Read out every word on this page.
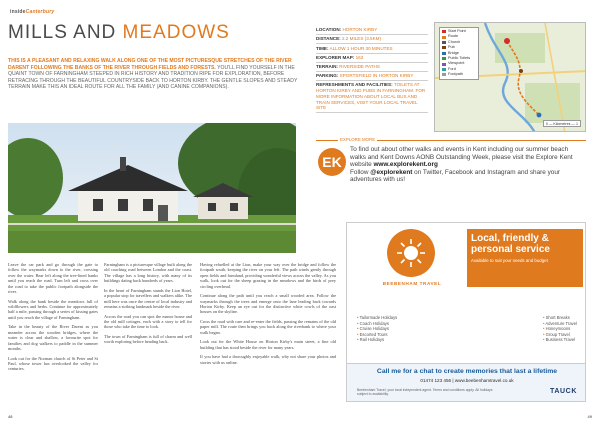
insideCanterbury
MILLS AND MEADOWS
THIS IS A PLEASANT AND RELAXING WALK ALONG ONE OF THE MOST PICTURESQUE STRETCHES OF THE RIVER DARENT FOLLOWING THE BANKS OF THE RIVER THROUGH FIELDS AND FORESTS. YOU'LL FIND YOURSELF IN THE QUAINT TOWN OF FARNINGHAM STEEPED IN RICH HISTORY AND TRADITION RIPE FOR EXPLORATION, BEFORE RETRACING THROUGH THE BEAUTIFUL COUNTRYSIDE BACK TO HORTON KIRBY. THE GENTLE SLOPES AND STEADY TERRAIN MAKE THIS AN IDEAL ROUTE FOR ALL THE FAMILY (AND CANINE COMPANIONS).
LOCATION: HORTON KIRBY
DISTANCE: 2.2 MILES (3.5KM)
TIME: ALLOW 1 HOUR 30 MINUTES
EXPLORER MAP: 162
TERRAIN: RIVERSIDE PATHS
PARKING: SPORTSFIELD IN HORTON KIRBY
REFRESHMENTS AND FACILITIES: TOILETS AT HORTON KIRBY AND PUBS IN FARNINGHAM. FOR MORE INFORMATION ABOUT LOCAL BUS AND TRAIN SERVICES, VISIT YOUR LOCAL TRAVEL SITE
Start Point
Route
Church
Pub
Bridge
Public Toilets
Viewpoint
Ford
Footpath
0 — Kilometres — 1
EXPLORE MORE
EK
To find out about other walks and events in Kent including our summer beach walks and Kent Downs AONB Outstanding Week, please visit the Explore Kent website www.explorekent.org
Follow @explorekent on Twitter, Facebook and Instagram and share your adventures with us!

Leave the car park and go through the gate to follow the waymarks down to the river, crossing over the water. Bear left along the tree-lined banks until you reach the road. Turn left and cross over the road to take the public footpath alongside the river.

Walk along the bank beside the meadows full of wildflowers and herbs. Continue for approximately half a mile, passing through a series of kissing gates until you reach the village of Farningham.

Take in the beauty of the River Darent as you meander across the wooden bridges, where the water is clear and shallow, a favourite spot for families and dog walkers to paddle in the summer months.

Look out for the Norman church of St Peter and St Paul, whose tower has overlooked the valley for centuries.

Farningham is a picturesque village built along the old coaching road between London and the coast. The village has a long history, with many of its buildings dating back hundreds of years.

In the heart of Farningham stands the Lion Hotel, a popular stop for travellers and walkers alike. The mill here was once the centre of local industry and remains a striking landmark beside the river.

Across the road you can spot the manor house and the old mill cottages, each with a story to tell for those who take the time to look.

The town of Farningham is full of charm and well worth exploring before heading back.

Having refuelled at the Lion, make your way over the bridge and follow the footpath south, keeping the river on your left. The path winds gently through open fields and farmland, providing wonderful views across the valley. As you walk, look out for the sheep grazing in the meadows and the birds of prey circling overhead.

Continue along the path until you reach a small wooded area. Follow the waymarks through the trees and emerge onto the lane leading back towards Horton Kirby. Keep an eye out for the distinctive white cowls of the oast houses on the skyline.

Cross the road with care and re-enter the fields, passing the remains of the old paper mill. The route then brings you back along the riverbank to where your walk began.

Look out for the White House on Horton Kirby's main street, a fine old building that has stood beside the river for many years.

If you have had a thoroughly enjoyable walk, why not share your photos and stories with us online.

BEEBENHAM TRAVEL
Local, friendly & personal service
Available to suit your needs and budget
• Tailormade Holidays
• Coach Holidays
• Cruise Holidays
• Escorted Tours
• Rail Holidays
• Short Breaks
• Adventure Travel
• Honeymoons
• Group Travel
• Business Travel
Call me for a chat to create memories that last a lifetime
01474 123 456 | www.beebenhamtravel.co.uk
Beebenham Travel, your local independent agent. Terms and conditions apply. All holidays subject to availability.	TAUCK
48	49
